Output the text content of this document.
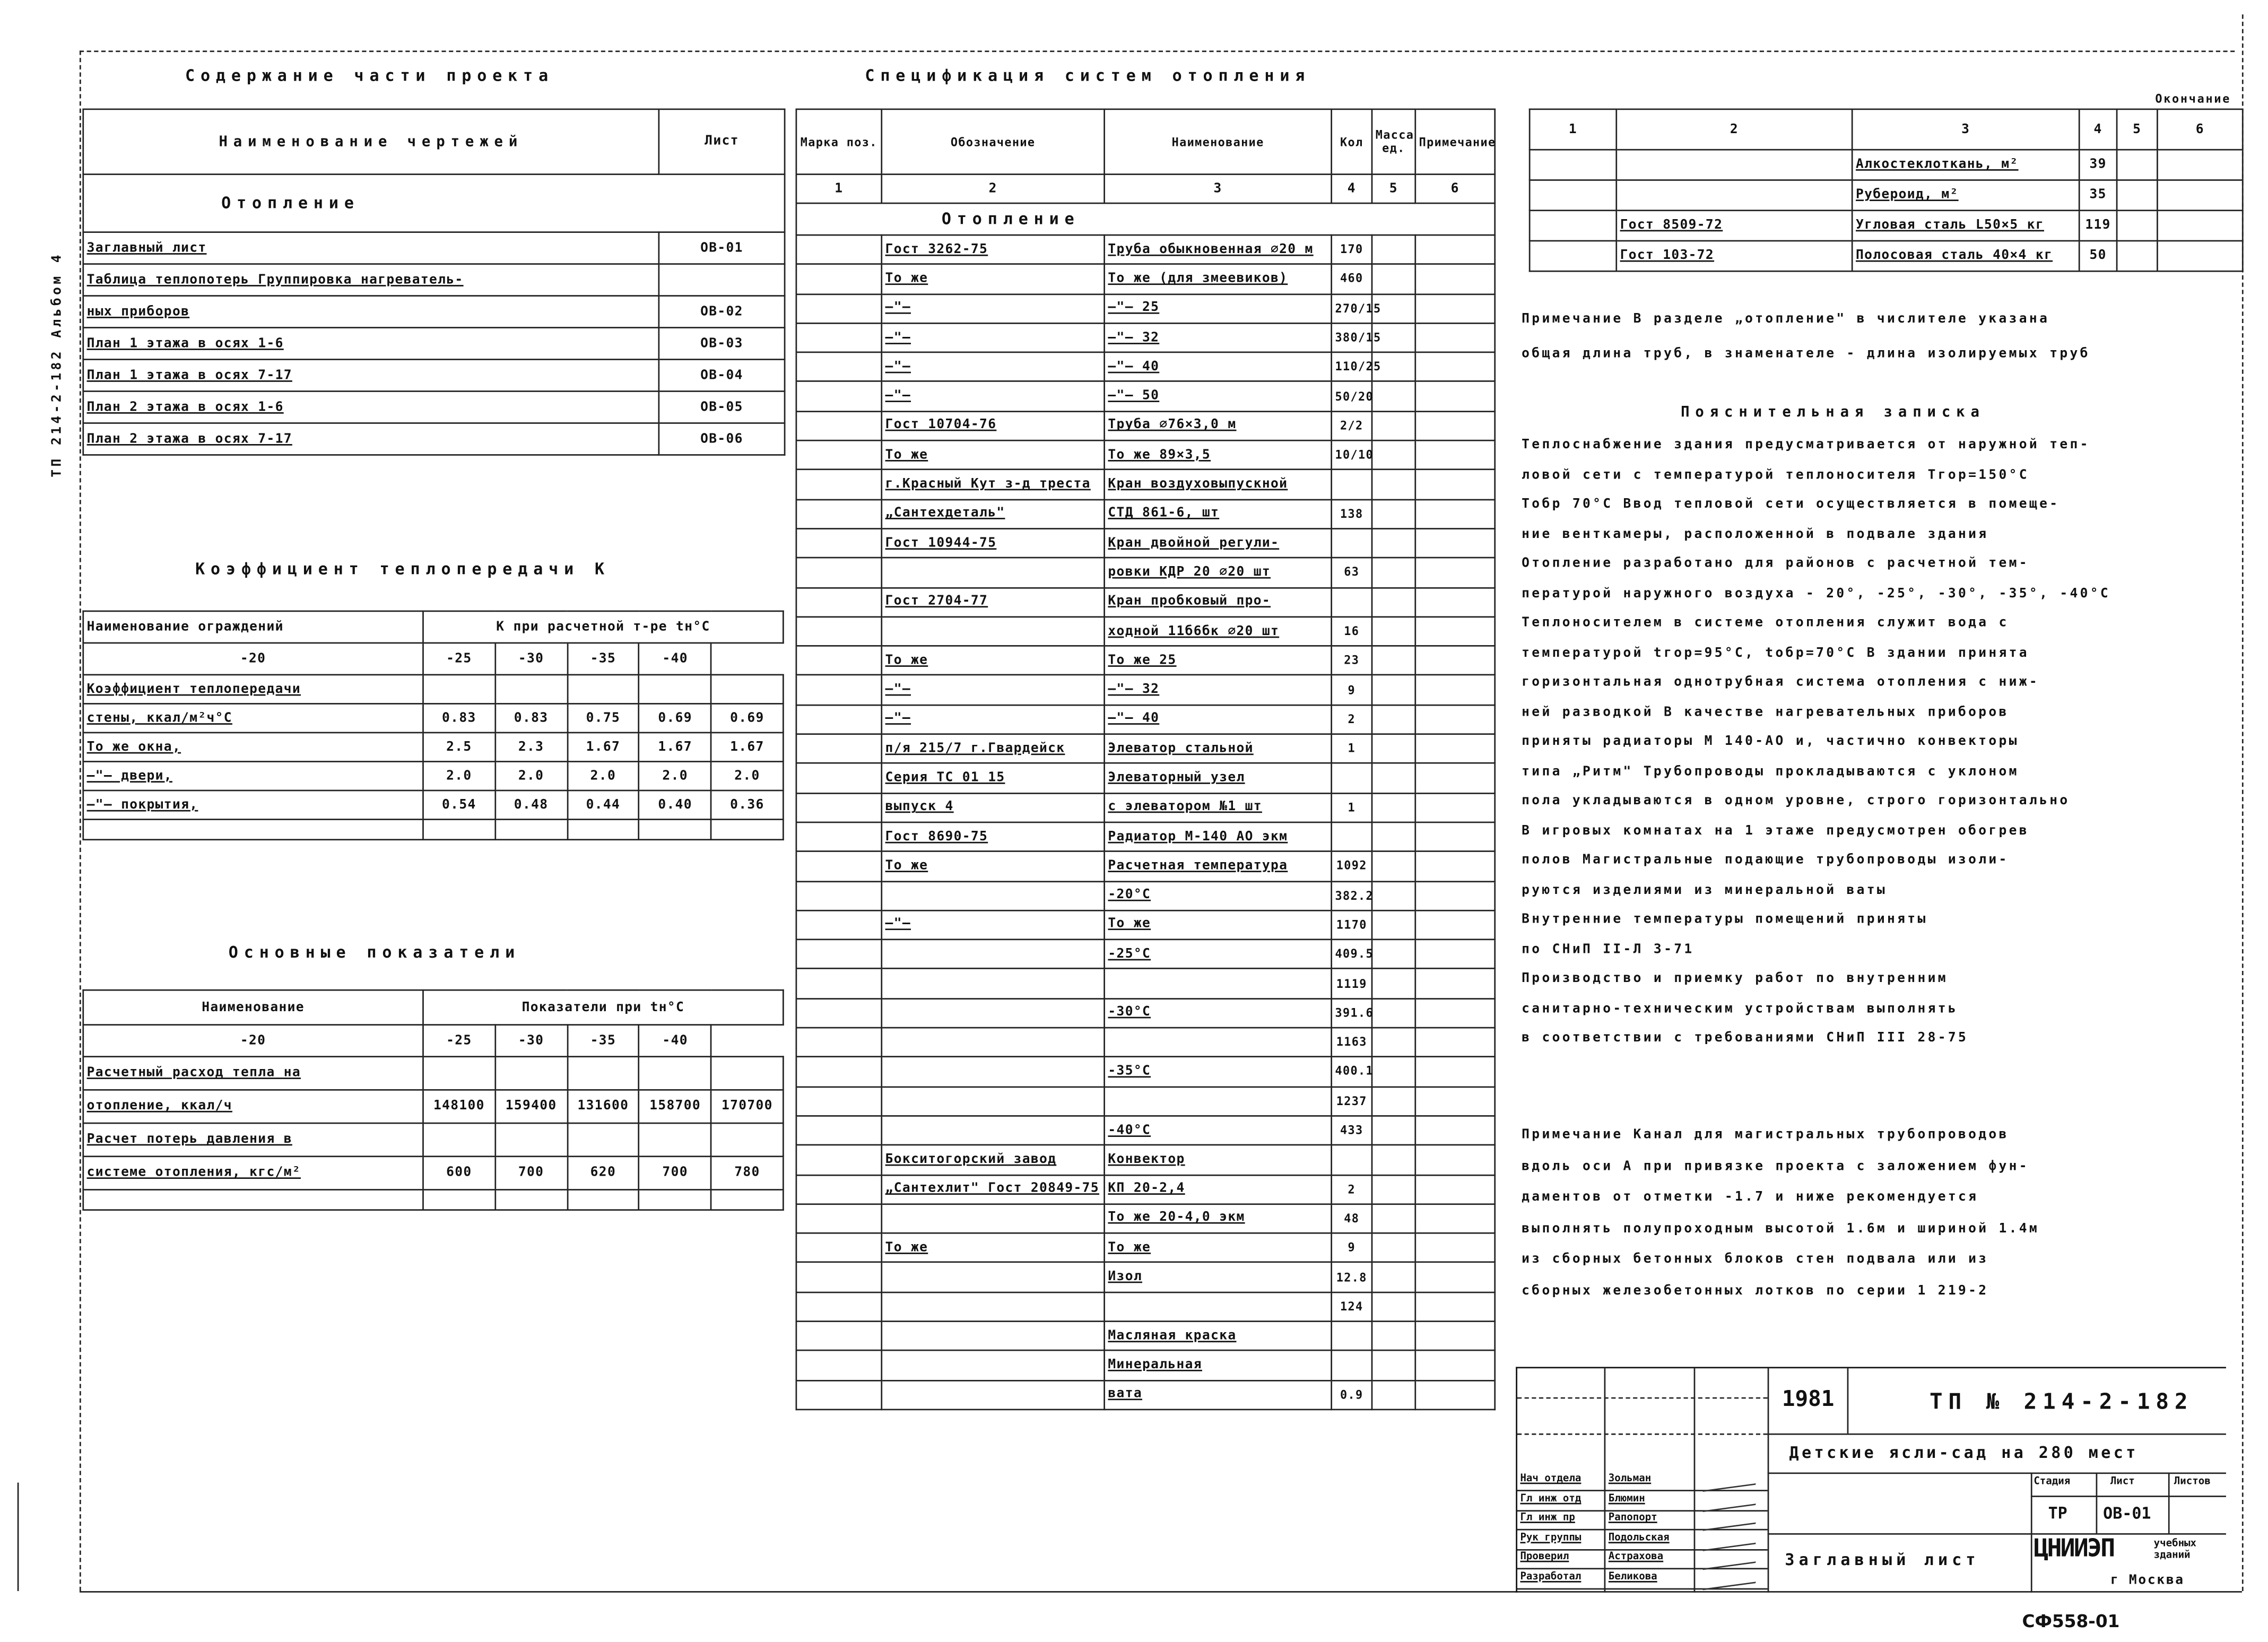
ТП 214-2-182 Альбом 4
Содержание части проекта
Наименование чертежей	Лист
Отопление	
Заглавный лист	ОВ-01
Таблица теплопотерь Группировка нагреватель-	
ных приборов	ОВ-02
План 1 этажа в осях 1-6	ОВ-03
План 1 этажа в осях 7-17	ОВ-04
План 2 этажа в осях 1-6	ОВ-05
План 2 этажа в осях 7-17	ОВ-06
Коэффициент теплопередачи К
Наименование ограждений	К при расчетной т-ре tн°С				
-20	-25	-30	-35	-40	
Коэффициент теплопередачи					
стены, ккал/м²ч°С	0.83	0.83	0.75	0.69	0.69
То же окна,	2.5	2.3	1.67	1.67	1.67
—"— двери,	2.0	2.0	2.0	2.0	2.0
—"— покрытия,	0.54	0.48	0.44	0.40	0.36

Основные показатели
Наименование	Показатели при tн°С				
-20	-25	-30	-35	-40	
Расчетный расход тепла на					
отопление, ккал/ч	148100	159400	131600	158700	170700
Расчет потерь давления в					
системе отопления, кгс/м²	600	700	620	700	780

Спецификация систем отопления
Марка поз.	Обозначение	Наименование	Кол	Масса ед.	Примечание
1	2	3	4	5	6
Отопление					
	Гост 3262-75	Труба обыкновенная ⌀20 м	170		
	То же	То же (для змеевиков)	460		
	—"—	—"— 25	270/15		
	—"—	—"— 32	380/15		
	—"—	—"— 40	110/25		
	—"—	—"— 50	50/20		
	Гост 10704-76	Труба ⌀76×3,0 м	2/2		
	То же	То же 89×3,5	10/10		
	г.Красный Кут з-д треста	Кран воздуховыпускной			
	„Сантехдеталь"	СТД 861-6, шт	138		
	Гост 10944-75	Кран двойной регули-			
		ровки КДР 20 ⌀20 шт	63		
	Гост 2704-77	Кран пробковый про-			
		ходной 11б6бк ⌀20 шт	16		
	То же	То же 25	23		
	—"—	—"— 32	9		
	—"—	—"— 40	2		
	п/я 215/7 г.Гвардейск	Элеватор стальной	1		
	Серия ТС 01 15	Элеваторный узел			
	выпуск 4	с элеватором №1 шт	1		
	Гост 8690-75	Радиатор М-140 АО экм			
	То же	Расчетная температура	1092		
		-20°С	382.2		
	—"—	То же	1170		
		-25°С	409.5		
			1119		
		-30°С	391.6		
			1163		
		-35°С	400.1		
			1237		
		-40°С	433		
	Бокситогорский завод	Конвектор			
	„Сантехлит" Гост 20849-75	КП 20-2,4	2		
		То же 20-4,0 экм	48		
	То же	То же	9		
		Изол	12.8		
			124		
		Масляная краска			
		Минеральная			
		вата	0.9		
Окончание
1	2	3	4	5	6
		Алкостеклоткань, м²	39		
		Рубероид, м²	35		
	Гост 8509-72	Угловая сталь L50×5 кг	119		
	Гост 103-72	Полосовая сталь 40×4 кг	50		
Примечание В разделе „отопление" в числителе указана
общая длина труб, в знаменателе - длина изолируемых труб
Пояснительная записка
Теплоснабжение здания предусматривается от наружной теп-
ловой сети с температурой теплоносителя Тгор=150°С
Тобр 70°С Ввод тепловой сети осуществляется в помеще-
ние венткамеры, расположенной в подвале здания
Отопление разработано для районов с расчетной тем-
пературой наружного воздуха - 20°, -25°, -30°, -35°, -40°С
Теплоносителем в системе отопления служит вода с
температурой tгор=95°С, tобр=70°С В здании принята
горизонтальная однотрубная система отопления с ниж-
ней разводкой В качестве нагревательных приборов
приняты радиаторы М 140-АО и, частично конвекторы
типа „Ритм" Трубопроводы прокладываются с уклоном
пола укладываются в одном уровне, строго горизонтально
В игровых комнатах на 1 этаже предусмотрен обогрев
полов Магистральные подающие трубопроводы изоли-
руются изделиями из минеральной ваты
Внутренние температуры помещений приняты
по СНиП II-Л 3-71
Производство и приемку работ по внутренним
санитарно-техническим устройствам выполнять
в соответствии с требованиями СНиП III 28-75
Примечание Канал для магистральных трубопроводов
вдоль оси А при привязке проекта с заложением фун-
даментов от отметки -1.7 и ниже рекомендуется
выполнять полупроходным высотой 1.6м и шириной 1.4м
из сборных бетонных блоков стен подвала или из
сборных железобетонных лотков по серии 1 219-2
1981	ТП № 214-2-182
Детские ясли-сад на 280 мест
Стадия	Лист	Листов
ТР	ОВ-01
Заглавный лист	ЦНИИЭП	учебных зданий
г Москва
Нач отдела	Зольман
Гл инж отд	Блюмин
Гл инж пр	Рапопорт
Рук группы	Подольская
Проверил	Астрахова
Разработал	Беликова
СФ558-01
